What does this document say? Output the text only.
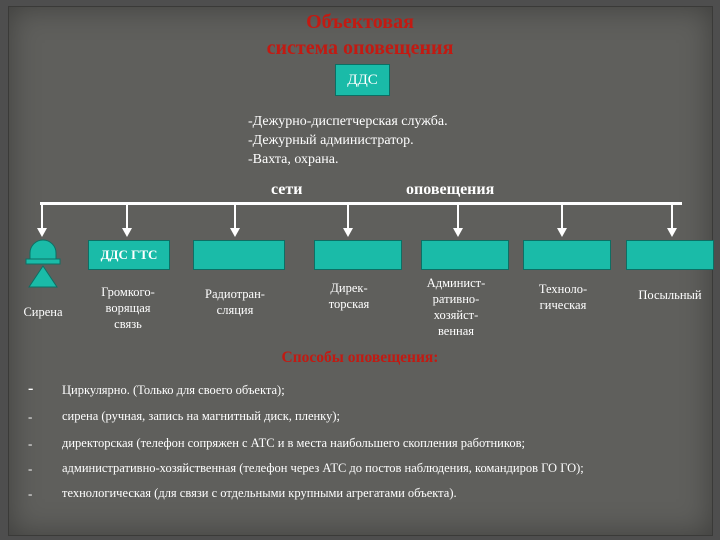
Объектовая
система оповещения
ДДС
-Дежурно-диспетчерская служба.
-Дежурный администратор.
-Вахта, охрана.
сети	оповещения
ДДС ГТС
Сирена
Громкого-
ворящая
связь
Радиотран-
сляция
Дирек-
торская
Админист-
ративно-
хозяйст-
венная
Техноло-
гическая
Посыльный
Способы оповещения:
- Циркулярно. (Только для своего объекта);
- сирена (ручная, запись на магнитный диск, пленку);
- директорская (телефон сопряжен с АТС и в места наибольшего скопления работников;
- административно-хозяйственная (телефон через АТС до постов наблюдения, командиров ГО ГО);
- технологическая (для связи с отдельными крупными агрегатами объекта).
